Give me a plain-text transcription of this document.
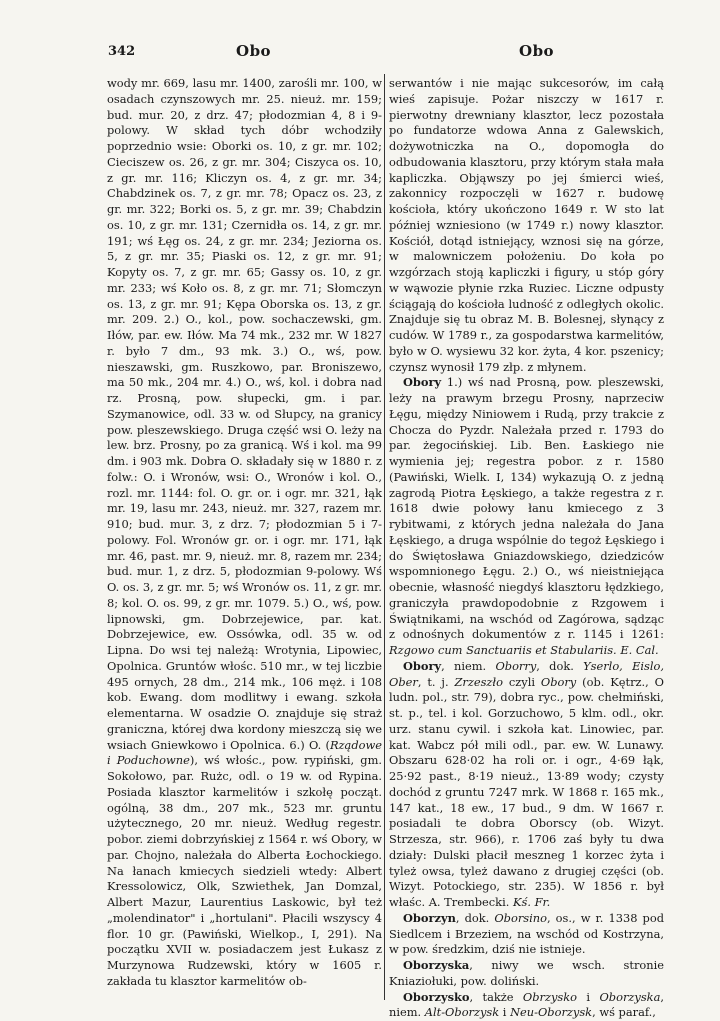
342	Obo	Obo

wody mr. 669, lasu mr. 1400, zarośli mr. 100, w osadach czynszowych mr. 25. nieuż. mr. 159; bud. mur. 20, z drz. 47; płodozmian 4, 8 i 9-polowy. W skład tych dóbr wchodziły poprzednio wsie: Oborki os. 10, z gr. mr. 102; Cieciszew os. 26, z gr. mr. 304; Ciszyca os. 10, z gr. mr. 116; Kliczyn os. 4, z gr. mr. 34; Chabdzinek os. 7, z gr. mr. 78; Opacz os. 23, z gr. mr. 322; Borki os. 5, z gr. mr. 39; Chabdzin os. 10, z gr. mr. 131; Czernidła os. 14, z gr. mr. 191; wś Łęg os. 24, z gr. mr. 234; Jeziorna os. 5, z gr. mr. 35; Piaski os. 12, z gr. mr. 91; Kopyty os. 7, z gr. mr. 65; Gassy os. 10, z gr. mr. 233; wś Koło os. 8, z gr. mr. 71; Słomczyn os. 13, z gr. mr. 91; Kępa Oborska os. 13, z gr. mr. 209. 2.) O., kol., pow. sochaczewski, gm. Iłów, par. ew. Iłów. Ma 74 mk., 232 mr. W 1827 r. było 7 dm., 93 mk. 3.) O., wś, pow. nieszawski, gm. Ruszkowo, par. Broniszewo, ma 50 mk., 204 mr. 4.) O., wś, kol. i dobra nad rz. Prosną, pow. słupecki, gm. i par. Szymanowice, odl. 33 w. od Słupcy, na granicy pow. pleszewskiego. Druga część wsi O. leży na lew. brz. Prosny, po za granicą. Wś i kol. ma 99 dm. i 903 mk. Dobra O. składały się w 1880 r. z folw.: O. i Wronów, wsi: O., Wronów i kol. O., rozl. mr. 1144: fol. O. gr. or. i ogr. mr. 321, łąk mr. 19, lasu mr. 243, nieuż. mr. 327, razem mr. 910; bud. mur. 3, z drz. 7; płodozmian 5 i 7-polowy. Fol. Wronów gr. or. i ogr. mr. 171, łąk mr. 46, past. mr. 9, nieuż. mr. 8, razem mr. 234; bud. mur. 1, z drz. 5, płodozmian 9-polowy. Wś O. os. 3, z gr. mr. 5; wś Wronów os. 11, z gr. mr. 8; kol. O. os. 99, z gr. mr. 1079. 5.) O., wś, pow. lipnowski, gm. Dobrzejewice, par. kat. Dobrzejewice, ew. Ossówka, odl. 35 w. od Lipna. Do wsi tej należą: Wrotynia, Lipowiec, Opolnica. Gruntów włośc. 510 mr., w tej liczbie 495 ornych, 28 dm., 214 mk., 106 męż. i 108 kob. Ewang. dom modlitwy i ewang. szkoła elementarna. W osadzie O. znajduje się straż graniczna, której dwa kordony mieszczą się we wsiach Gniewkowo i Opolnica. 6.) O. (Rządowe i Poduchowne), wś włośc., pow. rypiński, gm. Sokołowo, par. Rużc, odl. o 19 w. od Rypina. Posiada klasztor karmelitów i szkołę począt. ogólną, 38 dm., 207 mk., 523 mr. gruntu użytecznego, 20 mr. nieuż. Według regestr. pobor. ziemi dobrzyńskiej z 1564 r. wś Obory, w par. Chojno, należała do Alberta Łochockiego. Na łanach kmiecych siedzieli wtedy: Albert Kressolowicz, Olk, Szwiethek, Jan Domzal, Albert Mazur, Laurentius Laskowic, był też „molendinator" i „hortulani". Płacili wszyscy 4 flor. 10 gr. (Pawiński, Wielkop., I, 291). Na początku XVII w. posiadaczem jest Łukasz z Murzynowa Rudzewski, który w 1605 r. zakłada tu klasztor karmelitów ob-

serwantów i nie mając sukcesorów, im całą wieś zapisuje. Pożar niszczy w 1617 r. pierwotny drewniany klasztor, lecz pozostała po fundatorze wdowa Anna z Galewskich, dożywotniczka na O., dopomogła do odbudowania klasztoru, przy którym stała mała kapliczka. Objąwszy po jej śmierci wieś, zakonnicy rozpoczęli w 1627 r. budowę kościoła, który ukończono 1649 r. W sto lat później wzniesiono (w 1749 r.) nowy klasztor. Kościół, dotąd istniejący, wznosi się na górze, w malowniczem położeniu. Do koła po wzgórzach stoją kapliczki i figury, u stóp góry w wąwozie płynie rzka Ruziec. Liczne odpusty ściągają do kościoła ludność z odległych okolic. Znajduje się tu obraz M. B. Bolesnej, słynący z cudów. W 1789 r., za gospodarstwa karmelitów, było w O. wysiewu 32 kor. żyta, 4 kor. pszenicy; czynsz wynosił 179 złp. z młynem.

Obory 1.) wś nad Prosną, pow. pleszewski, leży na prawym brzegu Prosny, naprzeciw Łęgu, między Niniowem i Rudą, przy trakcie z Chocza do Pyzdr. Należała przed r. 1793 do par. żegocińskiej. Lib. Ben. Łaskiego nie wymienia jej; regestra pobor. z r. 1580 (Pawiński, Wielk. I, 134) wykazują O. z jedną zagrodą Piotra Łęskiego, a także regestra z r. 1618 dwie połowy łanu kmiecego z 3 rybitwami, z których jedna należała do Jana Łęskiego, a druga wspólnie do tegoż Łęskiego i do Świętosława Gniazdowskiego, dziedziców wspomnionego Łęgu. 2.) O., wś nieistniejąca obecnie, własność niegdyś klasztoru łędzkiego, graniczyła prawdopodobnie z Rzgowem i Świątnikami, na wschód od Zagórowa, sądząc z odnośnych dokumentów z r. 1145 i 1261: Rzgowo cum Sanctuariis et Stabulariis. E. Cal.

Obory, niem. Oborry, dok. Yserlo, Eislo, Ober, t. j. Zrzeszło czyli Obory (ob. Kętrz., O ludn. pol., str. 79), dobra ryc., pow. chełmiński, st. p., tel. i kol. Gorzuchowo, 5 klm. odl., okr. urz. stanu cywil. i szkoła kat. Linowiec, par. kat. Wabcz pół mili odl., par. ew. W. Lunawy. Obszaru 628·02 ha roli or. i ogr., 4·69 łąk, 25·92 past., 8·19 nieuż., 13·89 wody; czysty dochód z gruntu 7247 mrk. W 1868 r. 165 mk., 147 kat., 18 ew., 17 bud., 9 dm. W 1667 r. posiadali te dobra Oborscy (ob. Wizyt. Strzesza, str. 966), r. 1706 zaś były tu dwa działy: Dulski płacił meszneg 1 korzec żyta i tyleż owsa, tyleż dawano z drugiej części (ob. Wizyt. Potockiego, str. 235). W 1856 r. był właśc. A. Trembecki. Kś. Fr.

Oborzyn, dok. Oborsino, os., w r. 1338 pod Siedlcem i Brzeziem, na wschód od Kostrzyna, w pow. średzkim, dziś nie istnieje.

Oborzyska, niwy we wsch. stronie Kniaziołuki, pow. doliński.

Oborzysko, także Obrzysko i Oborzyska, niem. Alt-Oborzysk i Neu-Oborzysk, wś paraf.,
